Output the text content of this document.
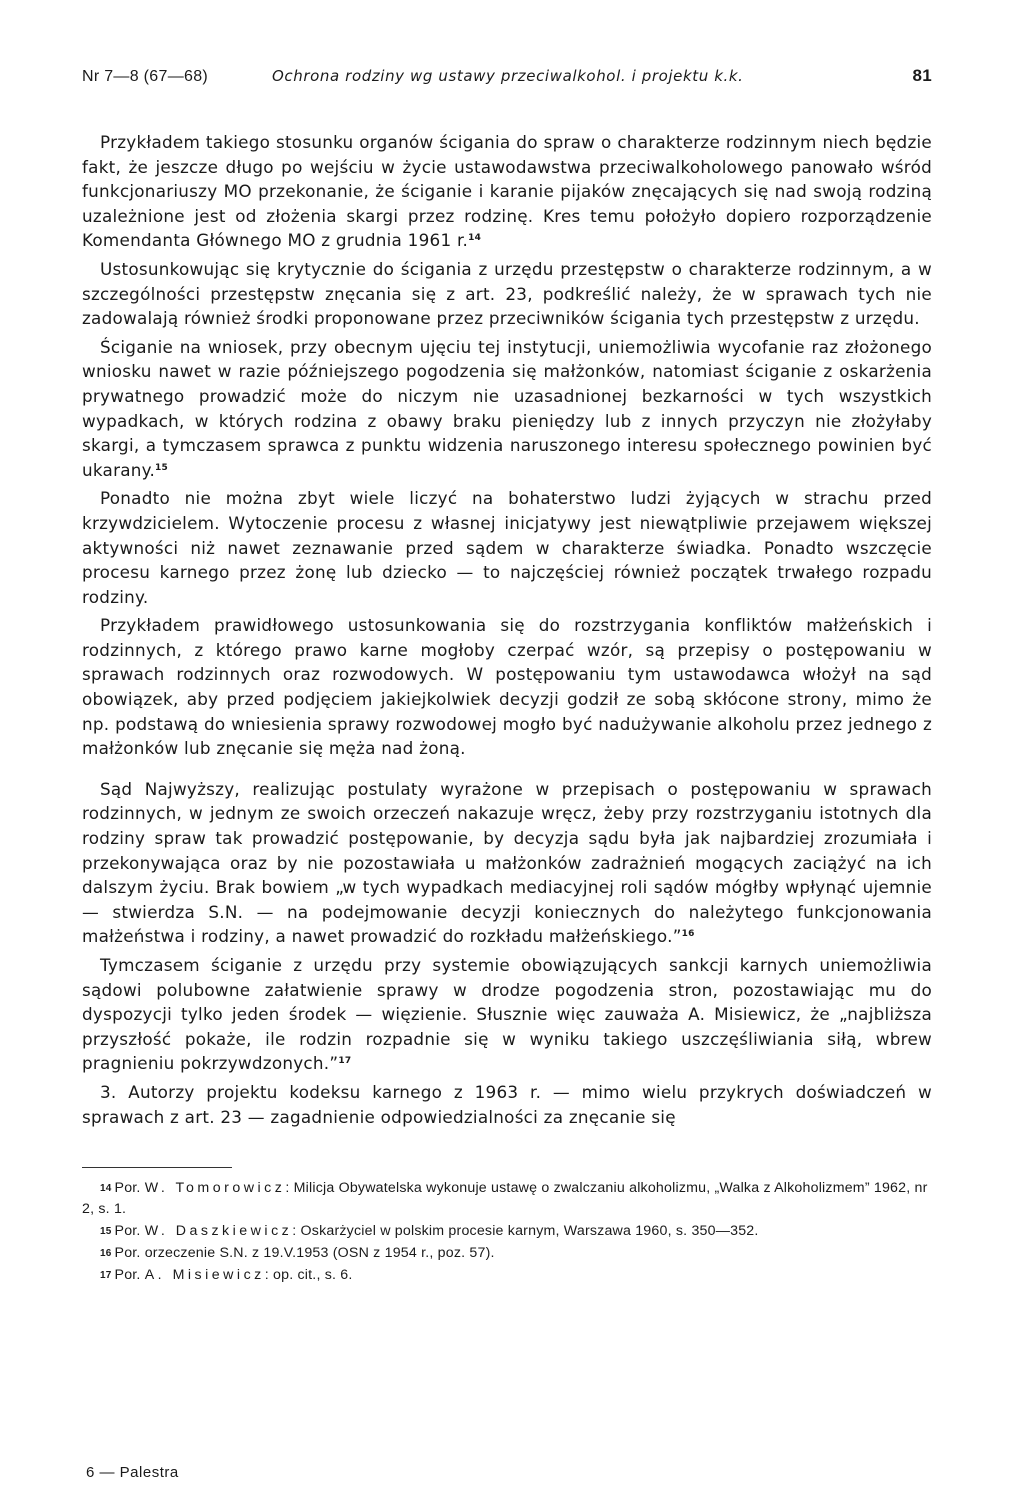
Nr 7—8 (67—68)	Ochrona rodziny wg ustawy przeciwalkohol. i projektu k.k.	81

Przykładem takiego stosunku organów ścigania do spraw o charakterze rodzinnym niech będzie fakt, że jeszcze długo po wejściu w życie ustawodawstwa przeciwalkoholowego panowało wśród funkcjonariuszy MO przekonanie, że ściganie i karanie pijaków znęcających się nad swoją rodziną uzależnione jest od złożenia skargi przez rodzinę. Kres temu położyło dopiero rozporządzenie Komendanta Głównego MO z grudnia 1961 r.$^{14}$

Ustosunkowując się krytycznie do ścigania z urzędu przestępstw o charakterze rodzinnym, a w szczególności przestępstw znęcania się z art. 23, podkreślić należy, że w sprawach tych nie zadowalają również środki proponowane przez przeciwników ścigania tych przestępstw z urzędu.

Ściganie na wniosek, przy obecnym ujęciu tej instytucji, uniemożliwia wycofanie raz złożonego wniosku nawet w razie późniejszego pogodzenia się małżonków, natomiast ściganie z oskarżenia prywatnego prowadzić może do niczym nie uzasadnionej bezkarności w tych wszystkich wypadkach, w których rodzina z obawy braku pieniędzy lub z innych przyczyn nie złożyłaby skargi, a tymczasem sprawca z punktu widzenia naruszonego interesu społecznego powinien być ukarany.$^{15}$

Ponadto nie można zbyt wiele liczyć na bohaterstwo ludzi żyjących w strachu przed krzywdzicielem. Wytoczenie procesu z własnej inicjatywy jest niewątpliwie przejawem większej aktywności niż nawet zeznawanie przed sądem w charakterze świadka. Ponadto wszczęcie procesu karnego przez żonę lub dziecko — to najczęściej również początek trwałego rozpadu rodziny.

Przykładem prawidłowego ustosunkowania się do rozstrzygania konfliktów małżeńskich i rodzinnych, z którego prawo karne mogłoby czerpać wzór, są przepisy o postępowaniu w sprawach rodzinnych oraz rozwodowych. W postępowaniu tym ustawodawca włożył na sąd obowiązek, aby przed podjęciem jakiejkolwiek decyzji godził ze sobą skłócone strony, mimo że np. podstawą do wniesienia sprawy rozwodowej mogło być nadużywanie alkoholu przez jednego z małżonków lub znęcanie się męża nad żoną.

Sąd Najwyższy, realizując postulaty wyrażone w przepisach o postępowaniu w sprawach rodzinnych, w jednym ze swoich orzeczeń nakazuje wręcz, żeby przy rozstrzyganiu istotnych dla rodziny spraw tak prowadzić postępowanie, by decyzja sądu była jak najbardziej zrozumiała i przekonywająca oraz by nie pozostawiała u małżonków zadrażnień mogących zaciążyć na ich dalszym życiu. Brak bowiem „w tych wypadkach mediacyjnej roli sądów mógłby wpłynąć ujemnie — stwierdza S.N. — na podejmowanie decyzji koniecznych do należytego funkcjonowania małżeństwa i rodziny, a nawet prowadzić do rozkładu małżeńskiego.”$^{16}$

Tymczasem ściganie z urzędu przy systemie obowiązujących sankcji karnych uniemożliwia sądowi polubowne załatwienie sprawy w drodze pogodzenia stron, pozostawiając mu do dyspozycji tylko jeden środek — więzienie. Słusznie więc zauważa A. Misiewicz, że „najbliższa przyszłość pokaże, ile rodzin rozpadnie się w wyniku takiego uszczęśliwiania siłą, wbrew pragnieniu pokrzywdzonych.”$^{17}$

3. Autorzy projektu kodeksu karnego z 1963 r. — mimo wielu przykrych doświadczeń w sprawach z art. 23 — zagadnienie odpowiedzialności za znęcanie się

$^{14}$ Por. W. Tomorowicz: Milicja Obywatelska wykonuje ustawę o zwalczaniu alkoholizmu, „Walka z Alkoholizmem” 1962, nr 2, s. 1.
$^{15}$ Por. W. Daszkiewicz: Oskarżyciel w polskim procesie karnym, Warszawa 1960, s. 350—352.
$^{16}$ Por. orzeczenie S.N. z 19.V.1953 (OSN z 1954 r., poz. 57).
$^{17}$ Por. A. Misiewicz: op. cit., s. 6.
6 — Palestra
